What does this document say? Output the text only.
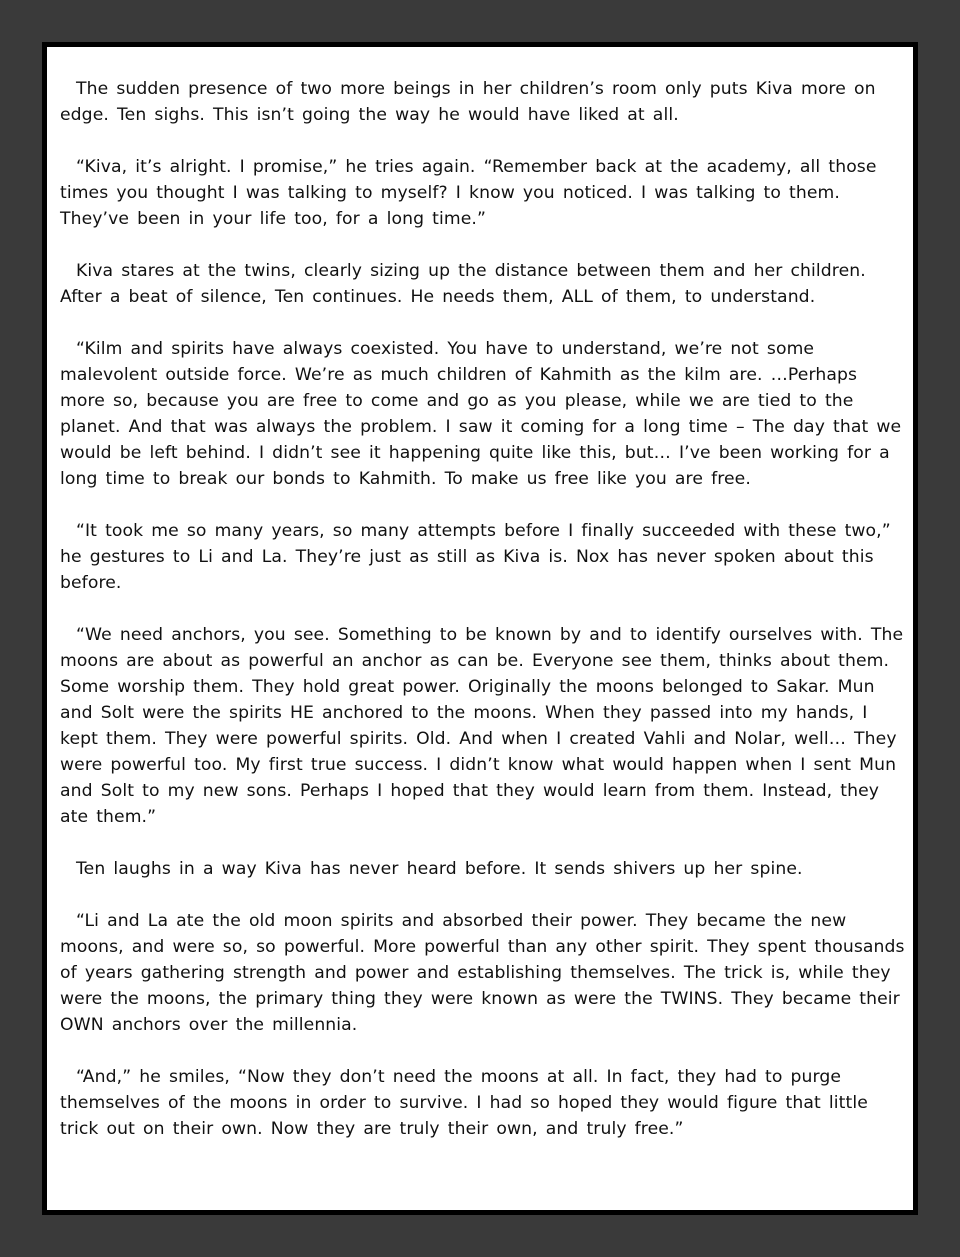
The sudden presence of two more beings in her children’s room only puts Kiva more on edge. Ten sighs. This isn’t going the way he would have liked at all.

“Kiva, it’s alright. I promise,” he tries again. “Remember back at the academy, all those times you thought I was talking to myself? I know you noticed. I was talking to them. They’ve been in your life too, for a long time.”

Kiva stares at the twins, clearly sizing up the distance between them and her children. After a beat of silence, Ten continues. He needs them, ALL of them, to understand.

“Kilm and spirits have always coexisted. You have to understand, we’re not some malevolent outside force. We’re as much children of Kahmith as the kilm are. …Perhaps more so, because you are free to come and go as you please, while we are tied to the planet. And that was always the problem. I saw it coming for a long time – The day that we would be left behind. I didn’t see it happening quite like this, but… I’ve been working for a long time to break our bonds to Kahmith. To make us free like you are free.

“It took me so many years, so many attempts before I finally succeeded with these two,” he gestures to Li and La. They’re just as still as Kiva is. Nox has never spoken about this before.

“We need anchors, you see. Something to be known by and to identify ourselves with. The moons are about as powerful an anchor as can be. Everyone see them, thinks about them. Some worship them. They hold great power. Originally the moons belonged to Sakar. Mun and Solt were the spirits HE anchored to the moons. When they passed into my hands, I kept them. They were powerful spirits. Old. And when I created Vahli and Nolar, well… They were powerful too. My first true success. I didn’t know what would happen when I sent Mun and Solt to my new sons. Perhaps I hoped that they would learn from them. Instead, they ate them.”

Ten laughs in a way Kiva has never heard before. It sends shivers up her spine.

“Li and La ate the old moon spirits and absorbed their power. They became the new moons, and were so, so powerful. More powerful than any other spirit. They spent thousands of years gathering strength and power and establishing themselves. The trick is, while they were the moons, the primary thing they were known as were the TWINS. They became their OWN anchors over the millennia.

“And,” he smiles, “Now they don’t need the moons at all. In fact, they had to purge themselves of the moons in order to survive. I had so hoped they would figure that little trick out on their own. Now they are truly their own, and truly free.”
